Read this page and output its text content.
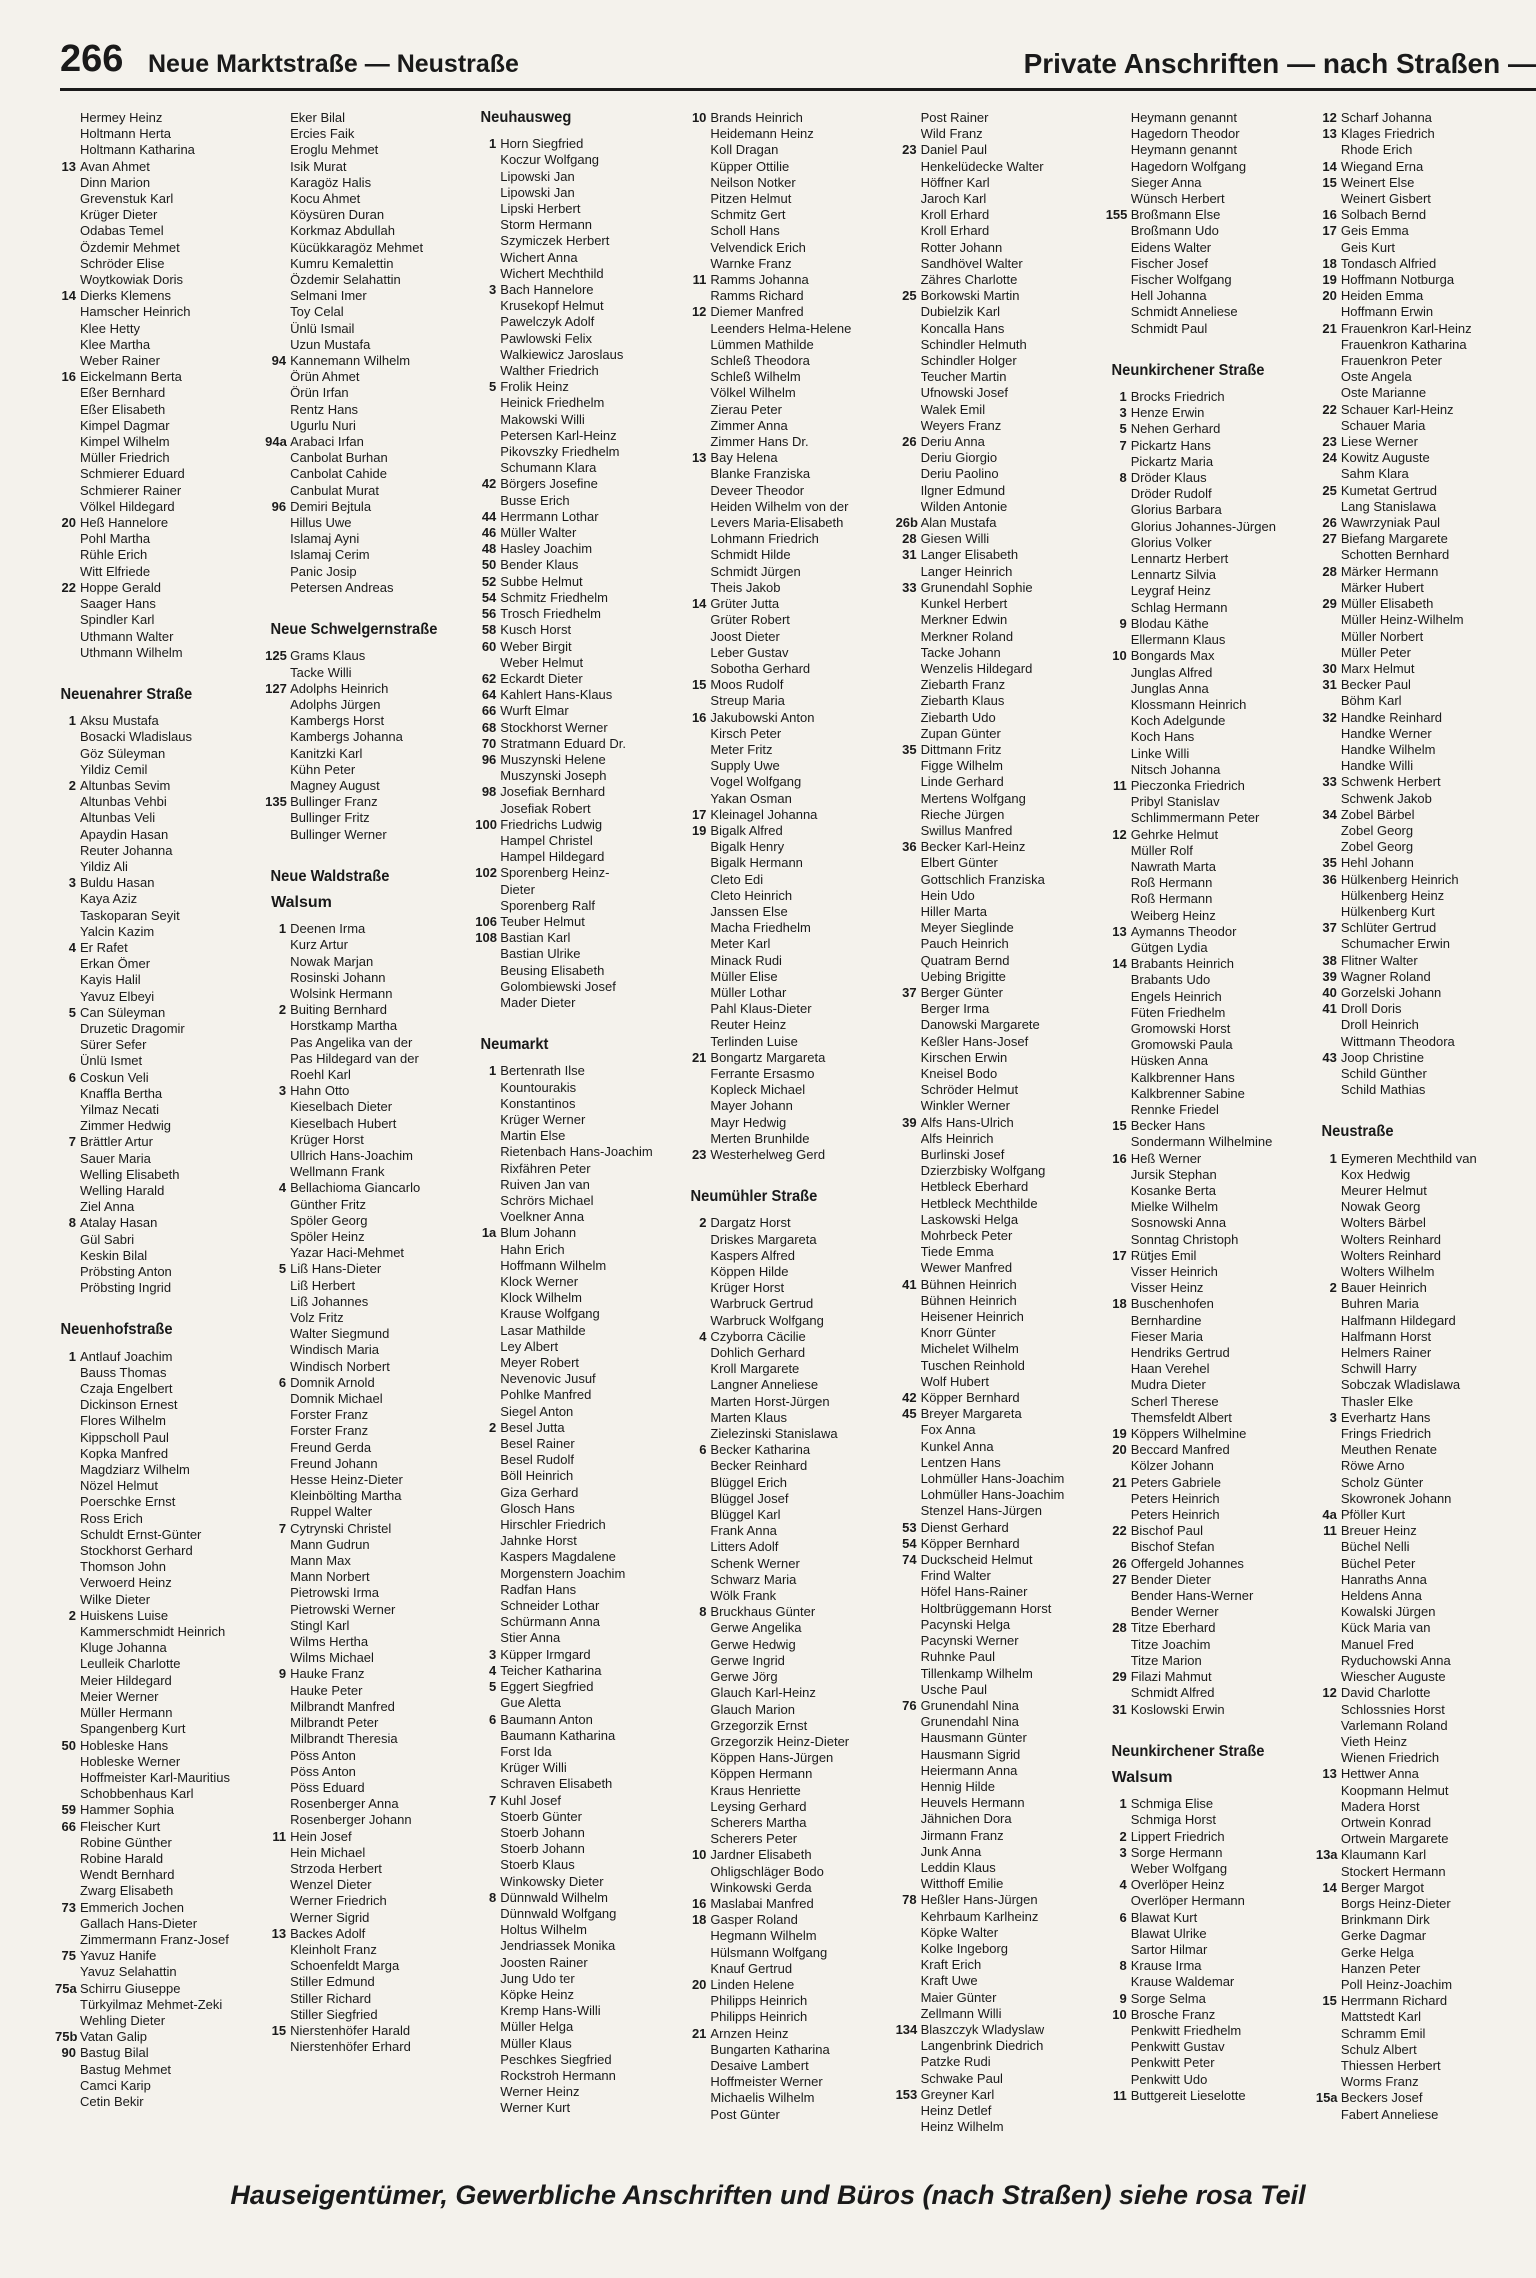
266 Neue Marktstraße — Neustraße	Private Anschriften — nach Straßen —
Hermey Heinz
Holtmann Herta
Holtmann Katharina
13 Avan Ahmet
Dinn Marion
Grevenstuk Karl
Krüger Dieter
Odabas Temel
Özdemir Mehmet
Schröder Elise
Woytkowiak Doris
14 Dierks Klemens
Hamscher Heinrich
Klee Hetty
Klee Martha
Weber Rainer
16 Eickelmann Berta
Eßer Bernhard
Eßer Elisabeth
Kimpel Dagmar
Kimpel Wilhelm
Müller Friedrich
Schmierer Eduard
Schmierer Rainer
Völkel Hildegard
20 Heß Hannelore
Pohl Martha
Rühle Erich
Witt Elfriede
22 Hoppe Gerald
Saager Hans
Spindler Karl
Uthmann Walter
Uthmann Wilhelm
Neuenahrer Straße
1 Aksu Mustafa
Bosacki Wladislaus
Göz Süleyman
Yildiz Cemil
2 Altunbas Sevim
Altunbas Vehbi
Altunbas Veli
Apaydin Hasan
Reuter Johanna
Yildiz Ali
3 Buldu Hasan
Kaya Aziz
Taskoparan Seyit
Yalcin Kazim
4 Er Rafet
Erkan Ömer
Kayis Halil
Yavuz Elbeyi
5 Can Süleyman
Druzetic Dragomir
Sürer Sefer
Ünlü Ismet
6 Coskun Veli
Knaffla Bertha
Yilmaz Necati
Zimmer Hedwig
7 Brättler Artur
Sauer Maria
Welling Elisabeth
Welling Harald
Ziel Anna
8 Atalay Hasan
Gül Sabri
Keskin Bilal
Pröbsting Anton
Pröbsting Ingrid
Neuenhofstraße
1 Antlauf Joachim
Bauss Thomas
Czaja Engelbert
Dickinson Ernest
Flores Wilhelm
Kippscholl Paul
Kopka Manfred
Magdziarz Wilhelm
Nözel Helmut
Poerschke Ernst
Ross Erich
Schuldt Ernst-Günter
Stockhorst Gerhard
Thomson John
Verwoerd Heinz
Wilke Dieter
2 Huiskens Luise
Kammerschmidt Heinrich
Kluge Johanna
Leulleik Charlotte
Meier Hildegard
Meier Werner
Müller Hermann
Spangenberg Kurt
50 Hobleske Hans
Hobleske Werner
Hoffmeister Karl-Mauritius
Schobbenhaus Karl
59 Hammer Sophia
66 Fleischer Kurt
Robine Günther
Robine Harald
Wendt Bernhard
Zwarg Elisabeth
73 Emmerich Jochen
Gallach Hans-Dieter
Zimmermann Franz-Josef
75 Yavuz Hanife
Yavuz Selahattin
75a Schirru Giuseppe
Türkyilmaz Mehmet-Zeki
Wehling Dieter
75b Vatan Galip
90 Bastug Bilal
Bastug Mehmet
Camci Karip
Cetin Bekir
Eker Bilal
Ercies Faik
Eroglu Mehmet
Isik Murat
Karagöz Halis
Kocu Ahmet
Köysüren Duran
Korkmaz Abdullah
Kücükkaragöz Mehmet
Kumru Kemalettin
Özdemir Selahattin
Selmani Imer
Toy Celal
Ünlü Ismail
Uzun Mustafa
94 Kannemann Wilhelm
Örün Ahmet
Örün Irfan
Rentz Hans
Ugurlu Nuri
94a Arabaci Irfan
Canbolat Burhan
Canbolat Cahide
Canbulat Murat
96 Demiri Bejtula
Hillus Uwe
Islamaj Ayni
Islamaj Cerim
Panic Josip
Petersen Andreas
Neue Schwelgernstraße
125 Grams Klaus
Tacke Willi
127 Adolphs Heinrich
Adolphs Jürgen
Kambergs Horst
Kambergs Johanna
Kanitzki Karl
Kühn Peter
Magney August
135 Bullinger Franz
Bullinger Fritz
Bullinger Werner
Neue Waldstraße
Walsum
1 Deenen Irma
Kurz Artur
Nowak Marjan
Rosinski Johann
Wolsink Hermann
2 Buiting Bernhard
Horstkamp Martha
Pas Angelika van der
Pas Hildegard van der
Roehl Karl
3 Hahn Otto
Kieselbach Dieter
Kieselbach Hubert
Krüger Horst
Ullrich Hans-Joachim
Wellmann Frank
4 Bellachioma Giancarlo
Günther Fritz
Spöler Georg
Spöler Heinz
Yazar Haci-Mehmet
5 Liß Hans-Dieter
Liß Herbert
Liß Johannes
Volz Fritz
Walter Siegmund
Windisch Maria
Windisch Norbert
6 Domnik Arnold
Domnik Michael
Forster Franz
Forster Franz
Freund Gerda
Freund Johann
Hesse Heinz-Dieter
Kleinbölting Martha
Ruppel Walter
7 Cytrynski Christel
Mann Gudrun
Mann Max
Mann Norbert
Pietrowski Irma
Pietrowski Werner
Stingl Karl
Wilms Hertha
Wilms Michael
9 Hauke Franz
Hauke Peter
Milbrandt Manfred
Milbrandt Peter
Milbrandt Theresia
Pöss Anton
Pöss Anton
Pöss Eduard
Rosenberger Anna
Rosenberger Johann
11 Hein Josef
Hein Michael
Strzoda Herbert
Wenzel Dieter
Werner Friedrich
Werner Sigrid
13 Backes Adolf
Kleinholt Franz
Schoenfeldt Marga
Stiller Edmund
Stiller Richard
Stiller Siegfried
15 Nierstenhöfer Harald
Nierstenhöfer Erhard
Neuhausweg
1 Horn Siegfried
Koczur Wolfgang
Lipowski Jan
Lipowski Jan
Lipski Herbert
Storm Hermann
Szymiczek Herbert
Wichert Anna
Wichert Mechthild
3 Bach Hannelore
Krusekopf Helmut
Pawelczyk Adolf
Pawlowski Felix
Walkiewicz Jaroslaus
Walther Friedrich
5 Frolik Heinz
Heinick Friedhelm
Makowski Willi
Petersen Karl-Heinz
Pikovszky Friedhelm
Schumann Klara
42 Börgers Josefine
Busse Erich
44 Herrmann Lothar
46 Müller Walter
48 Hasley Joachim
50 Bender Klaus
52 Subbe Helmut
54 Schmitz Friedhelm
56 Trosch Friedhelm
58 Kusch Horst
60 Weber Birgit
Weber Helmut
62 Eckardt Dieter
64 Kahlert Hans-Klaus
66 Wurft Elmar
68 Stockhorst Werner
70 Stratmann Eduard Dr.
96 Muszynski Helene
Muszynski Joseph
98 Josefiak Bernhard
Josefiak Robert
100 Friedrichs Ludwig
Hampel Christel
Hampel Hildegard
102 Sporenberg Heinz-
Dieter
Sporenberg Ralf
106 Teuber Helmut
108 Bastian Karl
Bastian Ulrike
Beusing Elisabeth
Golombiewski Josef
Mader Dieter
Neumarkt
1 Bertenrath Ilse
Kountourakis
Konstantinos
Krüger Werner
Martin Else
Rietenbach Hans-Joachim
Rixfähren Peter
Ruiven Jan van
Schrörs Michael
Voelkner Anna
1a Blum Johann
Hahn Erich
Hoffmann Wilhelm
Klock Werner
Klock Wilhelm
Krause Wolfgang
Lasar Mathilde
Ley Albert
Meyer Robert
Nevenovic Jusuf
Pohlke Manfred
Siegel Anton
2 Besel Jutta
Besel Rainer
Besel Rudolf
Böll Heinrich
Giza Gerhard
Glosch Hans
Hirschler Friedrich
Jahnke Horst
Kaspers Magdalene
Morgenstern Joachim
Radfan Hans
Schneider Lothar
Schürmann Anna
Stier Anna
3 Küpper Irmgard
4 Teicher Katharina
5 Eggert Siegfried
Gue Aletta
6 Baumann Anton
Baumann Katharina
Forst Ida
Krüger Willi
Schraven Elisabeth
7 Kuhl Josef
Stoerb Günter
Stoerb Johann
Stoerb Johann
Stoerb Klaus
Winkowsky Dieter
8 Dünnwald Wilhelm
Dünnwald Wolfgang
Holtus Wilhelm
Jendriassek Monika
Joosten Rainer
Jung Udo ter
Köpke Heinz
Kremp Hans-Willi
Müller Helga
Müller Klaus
Peschkes Siegfried
Rockstroh Hermann
Werner Heinz
Werner Kurt
10 Brands Heinrich
Heidemann Heinz
Koll Dragan
Küpper Ottilie
Neilson Notker
Pitzen Helmut
Schmitz Gert
Scholl Hans
Velvendick Erich
Warnke Franz
11 Ramms Johanna
Ramms Richard
12 Diemer Manfred
Leenders Helma-Helene
Lümmen Mathilde
Schleß Theodora
Schleß Wilhelm
Völkel Wilhelm
Zierau Peter
Zimmer Anna
Zimmer Hans Dr.
13 Bay Helena
Blanke Franziska
Deveer Theodor
Heiden Wilhelm von der
Levers Maria-Elisabeth
Lohmann Friedrich
Schmidt Hilde
Schmidt Jürgen
Theis Jakob
14 Grüter Jutta
Grüter Robert
Joost Dieter
Leber Gustav
Sobotha Gerhard
15 Moos Rudolf
Streup Maria
16 Jakubowski Anton
Kirsch Peter
Meter Fritz
Supply Uwe
Vogel Wolfgang
Yakan Osman
17 Kleinagel Johanna
19 Bigalk Alfred
Bigalk Henry
Bigalk Hermann
Cleto Edi
Cleto Heinrich
Janssen Else
Macha Friedhelm
Meter Karl
Minack Rudi
Müller Elise
Müller Lothar
Pahl Klaus-Dieter
Reuter Heinz
Terlinden Luise
21 Bongartz Margareta
Ferrante Ersasmo
Kopleck Michael
Mayer Johann
Mayr Hedwig
Merten Brunhilde
23 Westerhelweg Gerd
Neumühler Straße
2 Dargatz Horst
Driskes Margareta
Kaspers Alfred
Köppen Hilde
Krüger Horst
Warbruck Gertrud
Warbruck Wolfgang
4 Czyborra Cäcilie
Dohlich Gerhard
Kroll Margarete
Langner Anneliese
Marten Horst-Jürgen
Marten Klaus
Zielezinski Stanislawa
6 Becker Katharina
Becker Reinhard
Blüggel Erich
Blüggel Josef
Blüggel Karl
Frank Anna
Litters Adolf
Schenk Werner
Schwarz Maria
Wölk Frank
8 Bruckhaus Günter
Gerwe Angelika
Gerwe Hedwig
Gerwe Ingrid
Gerwe Jörg
Glauch Karl-Heinz
Glauch Marion
Grzegorzik Ernst
Grzegorzik Heinz-Dieter
Köppen Hans-Jürgen
Köppen Hermann
Kraus Henriette
Leysing Gerhard
Scherers Martha
Scherers Peter
10 Jardner Elisabeth
Ohligschläger Bodo
Winkowski Gerda
16 Maslabai Manfred
18 Gasper Roland
Hegmann Wilhelm
Hülsmann Wolfgang
Knauf Gertrud
20 Linden Helene
Philipps Heinrich
Philipps Heinrich
21 Arnzen Heinz
Bungarten Katharina
Desaive Lambert
Hoffmeister Werner
Michaelis Wilhelm
Post Günter
Post Rainer
Wild Franz
23 Daniel Paul
Henkelüdecke Walter
Höffner Karl
Jaroch Karl
Kroll Erhard
Kroll Erhard
Rotter Johann
Sandhövel Walter
Zähres Charlotte
25 Borkowski Martin
Dubielzik Karl
Koncalla Hans
Schindler Helmuth
Schindler Holger
Teucher Martin
Ufnowski Josef
Walek Emil
Weyers Franz
26 Deriu Anna
Deriu Giorgio
Deriu Paolino
Ilgner Edmund
Wilden Antonie
26b Alan Mustafa
28 Giesen Willi
31 Langer Elisabeth
Langer Heinrich
33 Grunendahl Sophie
Kunkel Herbert
Merkner Edwin
Merkner Roland
Tacke Johann
Wenzelis Hildegard
Ziebarth Franz
Ziebarth Klaus
Ziebarth Udo
Zupan Günter
35 Dittmann Fritz
Figge Wilhelm
Linde Gerhard
Mertens Wolfgang
Rieche Jürgen
Swillus Manfred
36 Becker Karl-Heinz
Elbert Günter
Gottschlich Franziska
Hein Udo
Hiller Marta
Meyer Sieglinde
Pauch Heinrich
Quatram Bernd
Uebing Brigitte
37 Berger Günter
Berger Irma
Danowski Margarete
Keßler Hans-Josef
Kirschen Erwin
Kneisel Bodo
Schröder Helmut
Winkler Werner
39 Alfs Hans-Ulrich
Alfs Heinrich
Burlinski Josef
Dzierzbisky Wolfgang
Hetbleck Eberhard
Hetbleck Mechthilde
Laskowski Helga
Mohrbeck Peter
Tiede Emma
Wewer Manfred
41 Bühnen Heinrich
Bühnen Heinrich
Heisener Heinrich
Knorr Günter
Michelet Wilhelm
Tuschen Reinhold
Wolf Hubert
42 Köpper Bernhard
45 Breyer Margareta
Fox Anna
Kunkel Anna
Lentzen Hans
Lohmüller Hans-Joachim
Lohmüller Hans-Joachim
Stenzel Hans-Jürgen
53 Dienst Gerhard
54 Köpper Bernhard
74 Duckscheid Helmut
Frind Walter
Höfel Hans-Rainer
Holtbrüggemann Horst
Pacynski Helga
Pacynski Werner
Ruhnke Paul
Tillenkamp Wilhelm
Usche Paul
76 Grunendahl Nina
Grunendahl Nina
Hausmann Günter
Hausmann Sigrid
Heiermann Anna
Hennig Hilde
Heuvels Hermann
Jähnichen Dora
Jirmann Franz
Junk Anna
Leddin Klaus
Witthoff Emilie
78 Heßler Hans-Jürgen
Kehrbaum Karlheinz
Köpke Walter
Kolke Ingeborg
Kraft Erich
Kraft Uwe
Maier Günter
Zellmann Willi
134 Blaszczyk Wladyslaw
Langenbrink Diedrich
Patzke Rudi
Schwake Paul
153 Greyner Karl
Heinz Detlef
Heinz Wilhelm
Heymann genannt
Hagedorn Theodor
Heymann genannt
Hagedorn Wolfgang
Sieger Anna
Wünsch Herbert
155 Broßmann Else
Broßmann Udo
Eidens Walter
Fischer Josef
Fischer Wolfgang
Hell Johanna
Schmidt Anneliese
Schmidt Paul
Neunkirchener Straße
1 Brocks Friedrich
3 Henze Erwin
5 Nehen Gerhard
7 Pickartz Hans
Pickartz Maria
8 Dröder Klaus
Dröder Rudolf
Glorius Barbara
Glorius Johannes-Jürgen
Glorius Volker
Lennartz Herbert
Lennartz Silvia
Leygraf Heinz
Schlag Hermann
9 Blodau Käthe
Ellermann Klaus
10 Bongards Max
Junglas Alfred
Junglas Anna
Klossmann Heinrich
Koch Adelgunde
Koch Hans
Linke Willi
Nitsch Johanna
11 Pieczonka Friedrich
Pribyl Stanislav
Schlimmermann Peter
12 Gehrke Helmut
Müller Rolf
Nawrath Marta
Roß Hermann
Roß Hermann
Weiberg Heinz
13 Aymanns Theodor
Gütgen Lydia
14 Brabants Heinrich
Brabants Udo
Engels Heinrich
Füten Friedhelm
Gromowski Horst
Gromowski Paula
Hüsken Anna
Kalkbrenner Hans
Kalkbrenner Sabine
Rennke Friedel
15 Becker Hans
Sondermann Wilhelmine
16 Heß Werner
Jursik Stephan
Kosanke Berta
Mielke Wilhelm
Sosnowski Anna
Sonntag Christoph
17 Rütjes Emil
Visser Heinrich
Visser Heinz
18 Buschenhofen
Bernhardine
Fieser Maria
Hendriks Gertrud
Haan Verehel
Mudra Dieter
Scherl Therese
Themsfeldt Albert
19 Köppers Wilhelmine
20 Beccard Manfred
Kölzer Johann
21 Peters Gabriele
Peters Heinrich
Peters Heinrich
22 Bischof Paul
Bischof Stefan
26 Offergeld Johannes
27 Bender Dieter
Bender Hans-Werner
Bender Werner
28 Titze Eberhard
Titze Joachim
Titze Marion
29 Filazi Mahmut
Schmidt Alfred
31 Koslowski Erwin
Neunkirchener Straße
Walsum
1 Schmiga Elise
Schmiga Horst
2 Lippert Friedrich
3 Sorge Hermann
Weber Wolfgang
4 Overlöper Heinz
Overlöper Hermann
6 Blawat Kurt
Blawat Ulrike
Sartor Hilmar
8 Krause Irma
Krause Waldemar
9 Sorge Selma
10 Brosche Franz
Penkwitt Friedhelm
Penkwitt Gustav
Penkwitt Peter
Penkwitt Udo
11 Buttgereit Lieselotte
12 Scharf Johanna
13 Klages Friedrich
Rhode Erich
14 Wiegand Erna
15 Weinert Else
Weinert Gisbert
16 Solbach Bernd
17 Geis Emma
Geis Kurt
18 Tondasch Alfried
19 Hoffmann Notburga
20 Heiden Emma
Hoffmann Erwin
21 Frauenkron Karl-Heinz
Frauenkron Katharina
Frauenkron Peter
Oste Angela
Oste Marianne
22 Schauer Karl-Heinz
Schauer Maria
23 Liese Werner
24 Kowitz Auguste
Sahm Klara
25 Kumetat Gertrud
Lang Stanislawa
26 Wawrzyniak Paul
27 Biefang Margarete
Schotten Bernhard
28 Märker Hermann
Märker Hubert
29 Müller Elisabeth
Müller Heinz-Wilhelm
Müller Norbert
Müller Peter
30 Marx Helmut
31 Becker Paul
Böhm Karl
32 Handke Reinhard
Handke Werner
Handke Wilhelm
Handke Willi
33 Schwenk Herbert
Schwenk Jakob
34 Zobel Bärbel
Zobel Georg
Zobel Georg
35 Hehl Johann
36 Hülkenberg Heinrich
Hülkenberg Heinz
Hülkenberg Kurt
37 Schlüter Gertrud
Schumacher Erwin
38 Flitner Walter
39 Wagner Roland
40 Gorzelski Johann
41 Droll Doris
Droll Heinrich
Wittmann Theodora
43 Joop Christine
Schild Günther
Schild Mathias
Neustraße
1 Eymeren Mechthild van
Kox Hedwig
Meurer Helmut
Nowak Georg
Wolters Bärbel
Wolters Reinhard
Wolters Reinhard
Wolters Wilhelm
2 Bauer Heinrich
Buhren Maria
Halfmann Hildegard
Halfmann Horst
Helmers Rainer
Schwill Harry
Sobczak Wladislawa
Thasler Elke
3 Everhartz Hans
Frings Friedrich
Meuthen Renate
Röwe Arno
Scholz Günter
Skowronek Johann
4a Pföller Kurt
11 Breuer Heinz
Büchel Nelli
Büchel Peter
Hanraths Anna
Heldens Anna
Kowalski Jürgen
Kück Maria van
Manuel Fred
Ryduchowski Anna
Wiescher Auguste
12 David Charlotte
Schlossnies Horst
Varlemann Roland
Vieth Heinz
Wienen Friedrich
13 Hettwer Anna
Koopmann Helmut
Madera Horst
Ortwein Konrad
Ortwein Margarete
13a Klaumann Karl
Stockert Hermann
14 Berger Margot
Borgs Heinz-Dieter
Brinkmann Dirk
Gerke Dagmar
Gerke Helga
Hanzen Peter
Poll Heinz-Joachim
15 Herrmann Richard
Mattstedt Karl
Schramm Emil
Schulz Albert
Thiessen Herbert
Worms Franz
15a Beckers Josef
Fabert Anneliese
Hauseigentümer, Gewerbliche Anschriften und Büros (nach Straßen) siehe rosa Teil
